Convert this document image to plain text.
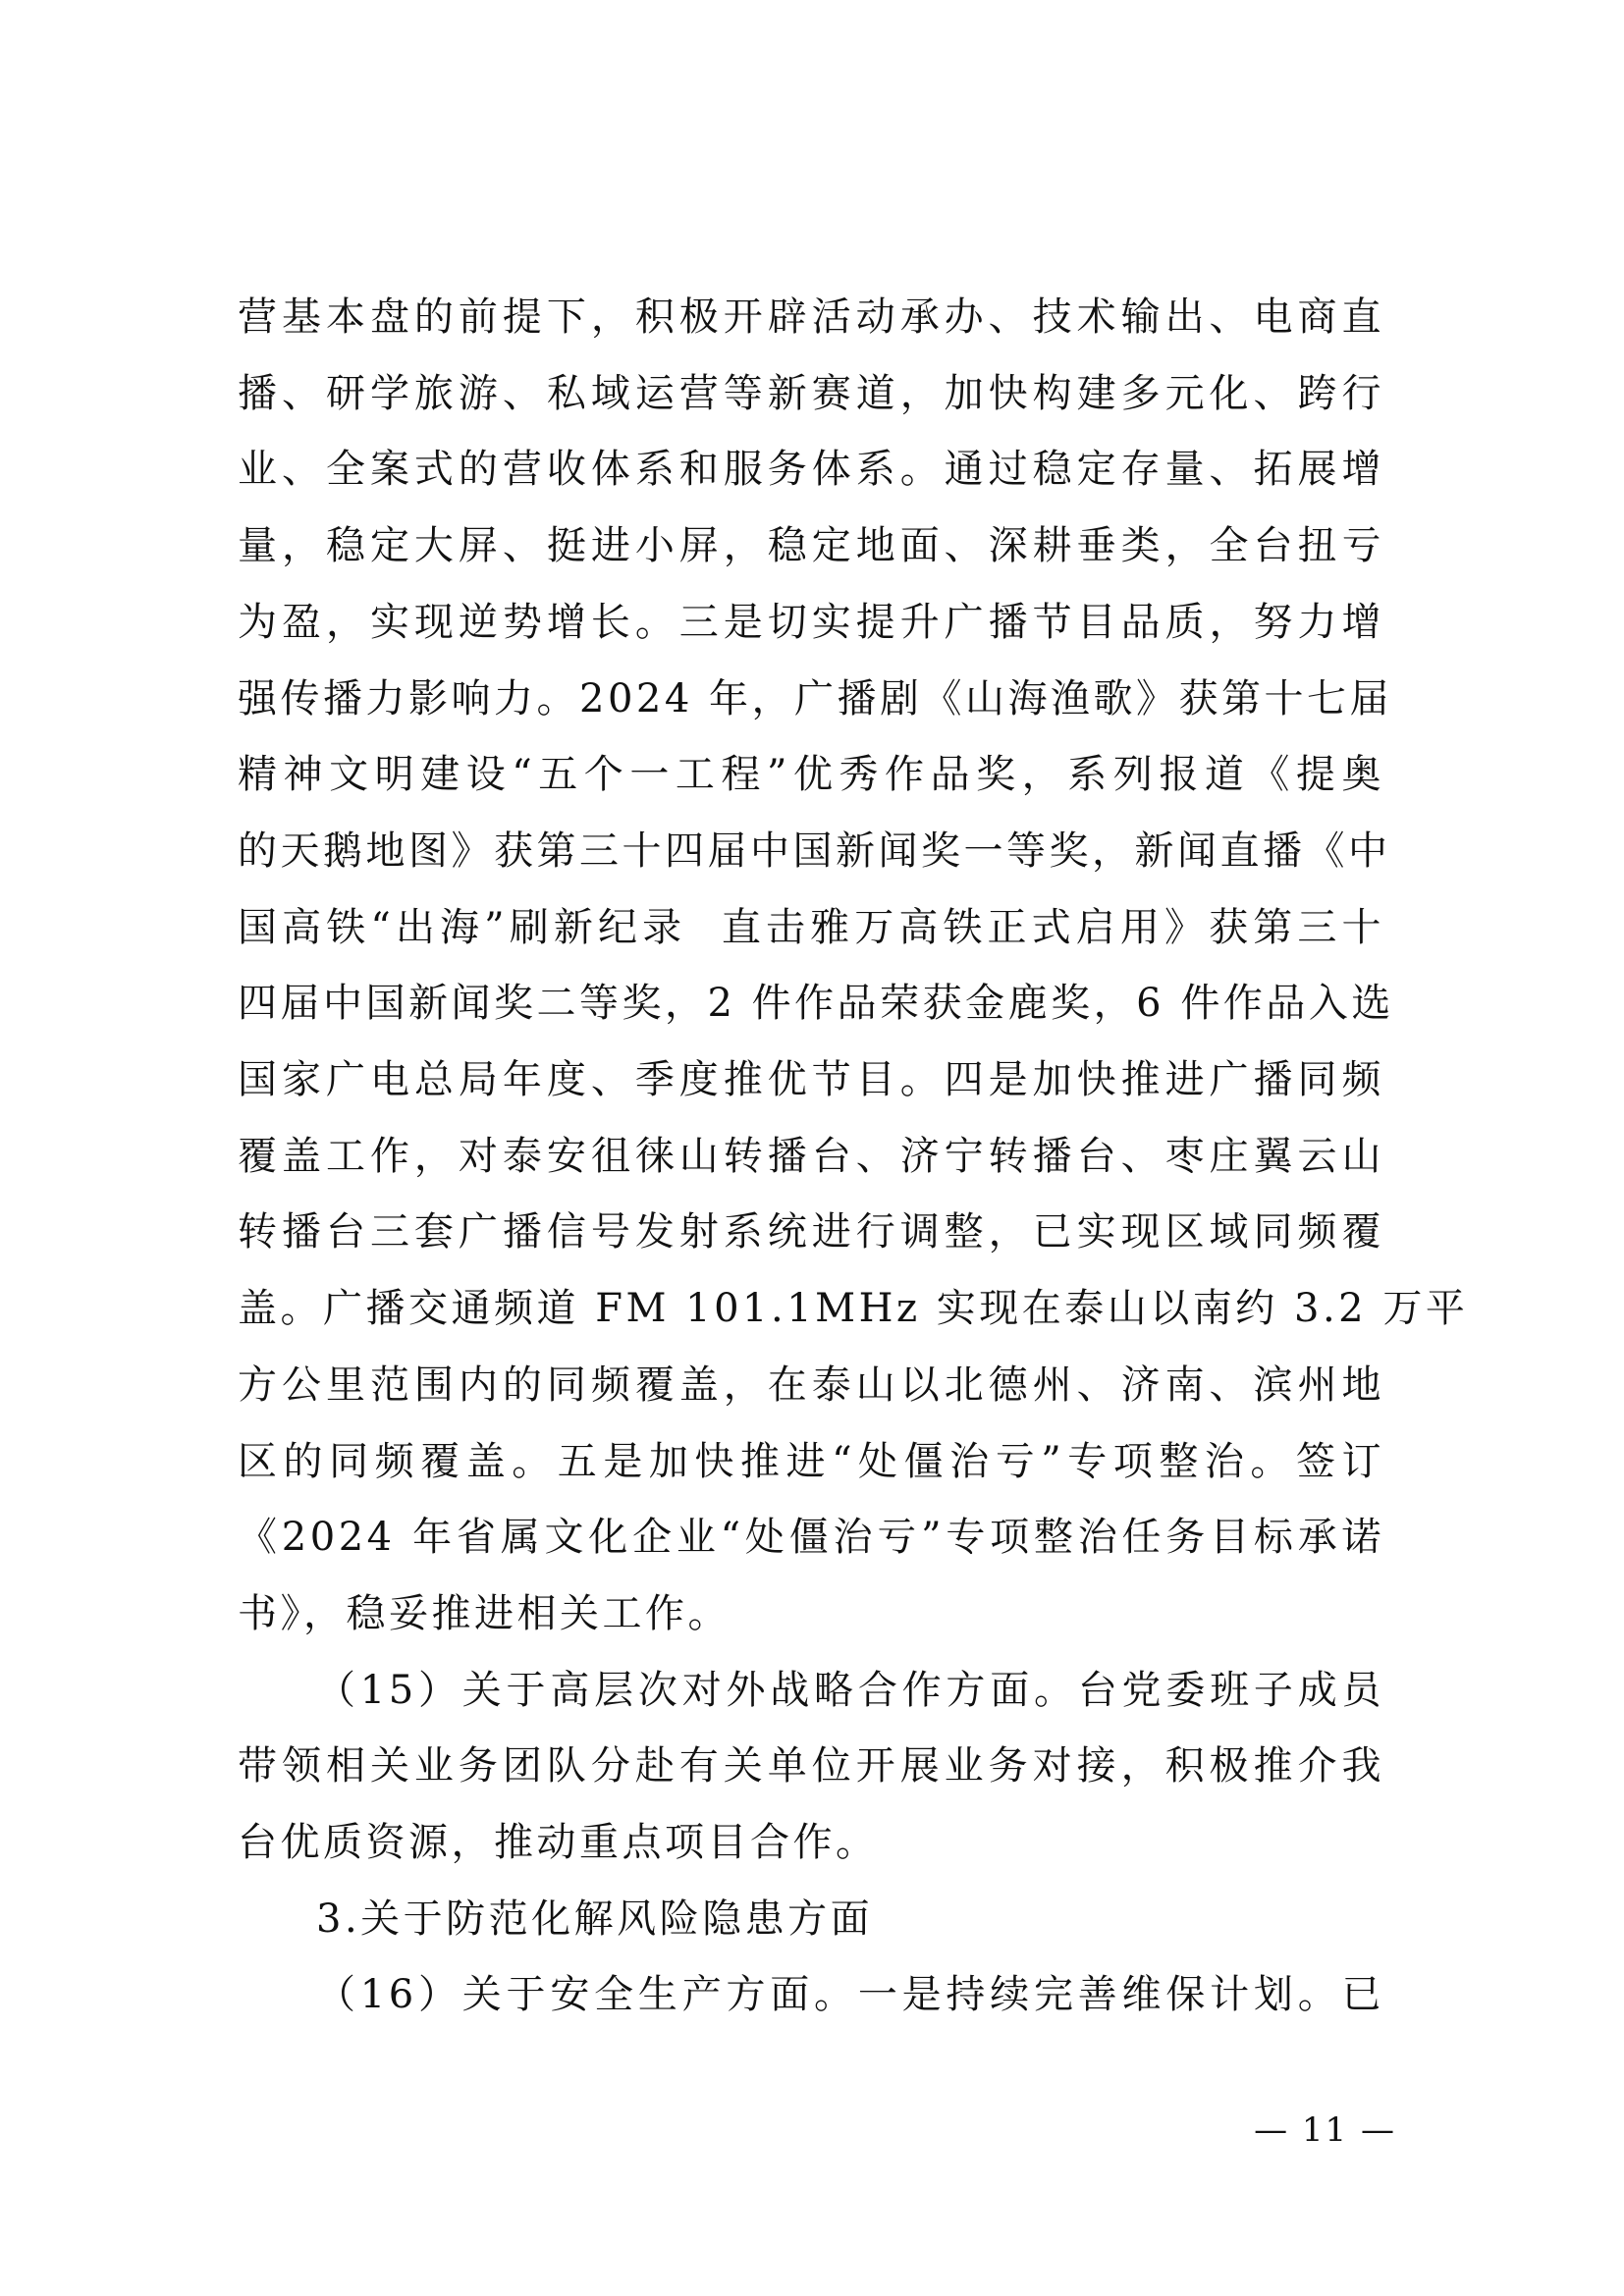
营基本盘的前提下，积极开辟活动承办、技术输出、电商直
播、研学旅游、私域运营等新赛道，加快构建多元化、跨行
业、全案式的营收体系和服务体系。通过稳定存量、拓展增
量，稳定大屏、挺进小屏，稳定地面、深耕垂类，全台扭亏
为盈，实现逆势增长。三是切实提升广播节目品质，努力增
强传播力影响力。2024 年，广播剧《山海渔歌》获第十七届
精神文明建设“五个一工程”优秀作品奖，系列报道《提奥
的天鹅地图》获第三十四届中国新闻奖一等奖，新闻直播《中
国高铁“出海”刷新纪录  直击雅万高铁正式启用》获第三十
四届中国新闻奖二等奖，2 件作品荣获金鹿奖，6 件作品入选
国家广电总局年度、季度推优节目。四是加快推进广播同频
覆盖工作，对泰安徂徕山转播台、济宁转播台、枣庄翼云山
转播台三套广播信号发射系统进行调整，已实现区域同频覆
盖。广播交通频道 FM 101.1MHz 实现在泰山以南约 3.2 万平
方公里范围内的同频覆盖，在泰山以北德州、济南、滨州地
区的同频覆盖。五是加快推进“处僵治亏”专项整治。签订
《2024 年省属文化企业“处僵治亏”专项整治任务目标承诺
书》，稳妥推进相关工作。
（15）关于高层次对外战略合作方面。台党委班子成员
带领相关业务团队分赴有关单位开展业务对接，积极推介我
台优质资源，推动重点项目合作。
3.关于防范化解风险隐患方面
（16）关于安全生产方面。一是持续完善维保计划。已
— 11 —
